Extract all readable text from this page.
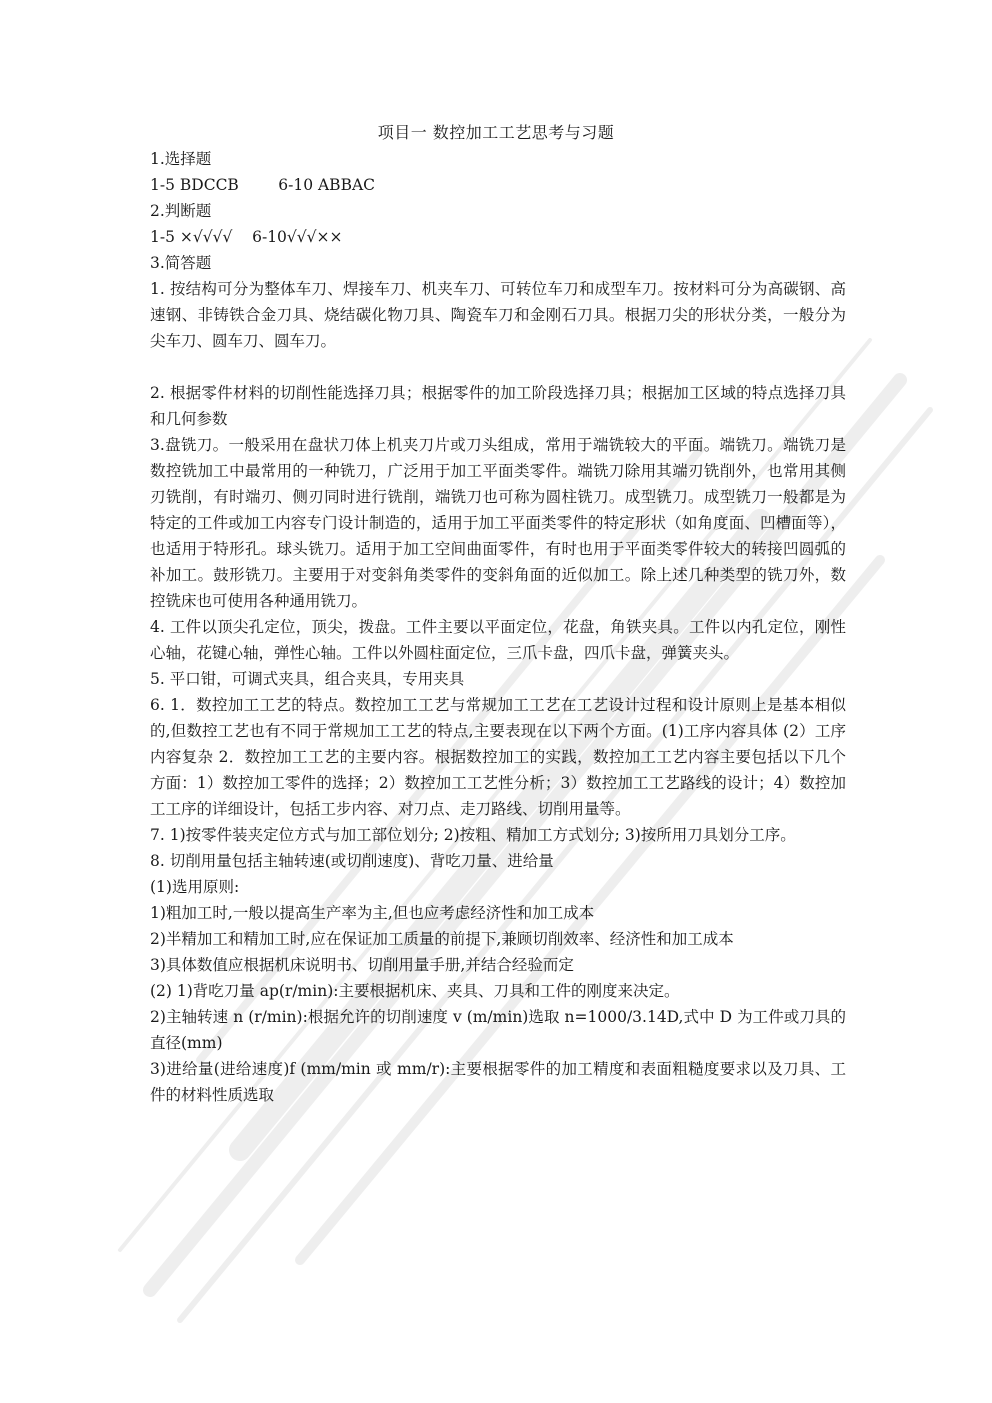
项目一 数控加工工艺思考与习题

1.选择题

1-5 BDCCB        6-10 ABBAC

2.判断题

1-5 ×√√√√    6-10√√√××

3.简答题

1. 按结构可分为整体车刀、焊接车刀、机夹车刀、可转位车刀和成型车刀。按材料可分为高碳钢、高速钢、非铸铁合金刀具、烧结碳化物刀具、陶瓷车刀和金刚石刀具。根据刀尖的形状分类，一般分为尖车刀、圆车刀、圆车刀。

2. 根据零件材料的切削性能选择刀具；根据零件的加工阶段选择刀具；根据加工区域的特点选择刀具和几何参数

3.盘铣刀。一般采用在盘状刀体上机夹刀片或刀头组成，常用于端铣较大的平面。端铣刀。端铣刀是数控铣加工中最常用的一种铣刀，广泛用于加工平面类零件。端铣刀除用其端刃铣削外，也常用其侧刃铣削，有时端刃、侧刃同时进行铣削，端铣刀也可称为圆柱铣刀。成型铣刀。成型铣刀一般都是为特定的工件或加工内容专门设计制造的，适用于加工平面类零件的特定形状（如角度面、凹槽面等），也适用于特形孔。球头铣刀。适用于加工空间曲面零件，有时也用于平面类零件较大的转接凹圆弧的补加工。鼓形铣刀。主要用于对变斜角类零件的变斜角面的近似加工。除上述几种类型的铣刀外，数控铣床也可使用各种通用铣刀。

4. 工件以顶尖孔定位，顶尖，拨盘。工件主要以平面定位，花盘，角铁夹具。工件以内孔定位，刚性心轴，花键心轴，弹性心轴。工件以外圆柱面定位，三爪卡盘，四爪卡盘，弹簧夹头。

5. 平口钳，可调式夹具，组合夹具，专用夹具

6. 1．数控加工工艺的特点。数控加工工艺与常规加工工艺在工艺设计过程和设计原则上是基本相似的,但数控工艺也有不同于常规加工工艺的特点,主要表现在以下两个方面。(1)工序内容具体 (2）工序内容复杂 2．数控加工工艺的主要内容。根据数控加工的实践，数控加工工艺内容主要包括以下几个方面：1）数控加工零件的选择；2）数控加工工艺性分析；3）数控加工工艺路线的设计；4）数控加工工序的详细设计，包括工步内容、对刀点、走刀路线、切削用量等。

7. 1)按零件装夹定位方式与加工部位划分; 2)按粗、精加工方式划分; 3)按所用刀具划分工序。

8. 切削用量包括主轴转速(或切削速度)、背吃刀量、进给量

(1)选用原则:

1)粗加工时,一般以提高生产率为主,但也应考虑经济性和加工成本

2)半精加工和精加工时,应在保证加工质量的前提下,兼顾切削效率、经济性和加工成本

3)具体数值应根据机床说明书、切削用量手册,并结合经验而定

(2) 1)背吃刀量 ap(r/min):主要根据机床、夹具、刀具和工件的刚度来决定。

2)主轴转速 n (r/min):根据允许的切削速度 v (m/min)选取 n=1000/3.14D,式中 D 为工件或刀具的直径(mm)

3)进给量(进给速度)f (mm/min 或 mm/r):主要根据零件的加工精度和表面粗糙度要求以及刀具、工件的材料性质选取
